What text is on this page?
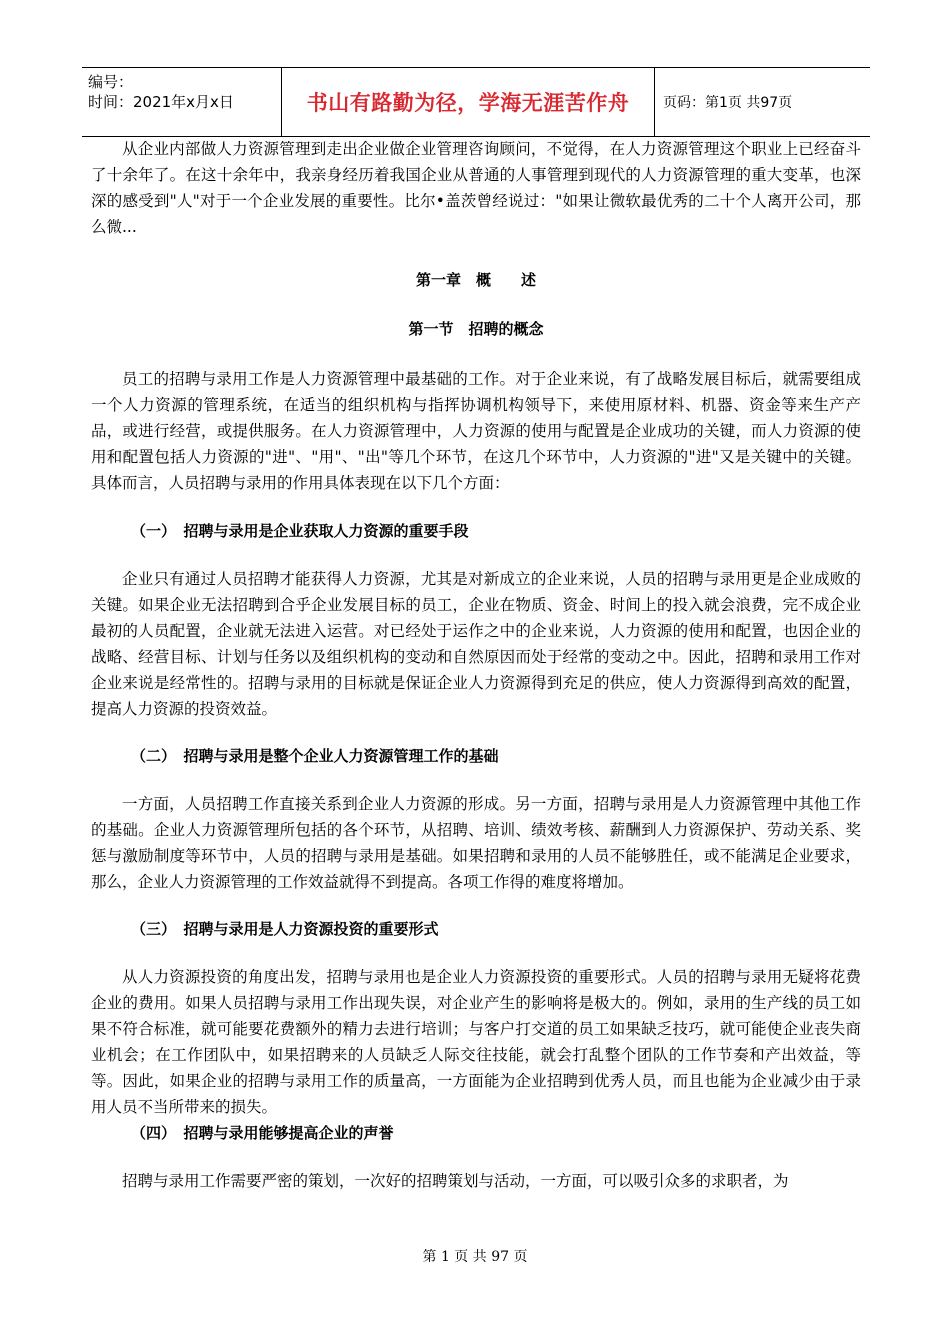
编号：
时间：2021年x月x日	书山有路勤为径，学海无涯苦作舟	页码：第1页 共97页

从企业内部做人力资源管理到走出企业做企业管理咨询顾问，不觉得，在人力资源管理这个职业上已经奋斗了十余年了。在这十余年中，我亲身经历着我国企业从普通的人事管理到现代的人力资源管理的重大变革，也深深的感受到"人"对于一个企业发展的重要性。比尔•盖茨曾经说过："如果让微软最优秀的二十个人离开公司，那么微...

第一章　概　　述
第一节　招聘的概念

员工的招聘与录用工作是人力资源管理中最基础的工作。对于企业来说，有了战略发展目标后，就需要组成一个人力资源的管理系统，在适当的组织机构与指挥协调机构领导下，来使用原材料、机器、资金等来生产产品，或进行经营，或提供服务。在人力资源管理中，人力资源的使用与配置是企业成功的关键，而人力资源的使用和配置包括人力资源的"进"、"用"、"出"等几个环节，在这几个环节中，人力资源的"进"又是关键中的关键。具体而言，人员招聘与录用的作用具体表现在以下几个方面：

（一）　招聘与录用是企业获取人力资源的重要手段

企业只有通过人员招聘才能获得人力资源，尤其是对新成立的企业来说，人员的招聘与录用更是企业成败的关键。如果企业无法招聘到合乎企业发展目标的员工，企业在物质、资金、时间上的投入就会浪费，完不成企业最初的人员配置，企业就无法进入运营。对已经处于运作之中的企业来说，人力资源的使用和配置，也因企业的战略、经营目标、计划与任务以及组织机构的变动和自然原因而处于经常的变动之中。因此，招聘和录用工作对企业来说是经常性的。招聘与录用的目标就是保证企业人力资源得到充足的供应，使人力资源得到高效的配置，提高人力资源的投资效益。

（二）　招聘与录用是整个企业人力资源管理工作的基础

一方面，人员招聘工作直接关系到企业人力资源的形成。另一方面，招聘与录用是人力资源管理中其他工作的基础。企业人力资源管理所包括的各个环节，从招聘、培训、绩效考核、薪酬到人力资源保护、劳动关系、奖惩与激励制度等环节中，人员的招聘与录用是基础。如果招聘和录用的人员不能够胜任，或不能满足企业要求，那么，企业人力资源管理的工作效益就得不到提高。各项工作得的难度将增加。

（三）　招聘与录用是人力资源投资的重要形式

从人力资源投资的角度出发，招聘与录用也是企业人力资源投资的重要形式。人员的招聘与录用无疑将花费企业的费用。如果人员招聘与录用工作出现失误，对企业产生的影响将是极大的。例如，录用的生产线的员工如果不符合标准，就可能要花费额外的精力去进行培训；与客户打交道的员工如果缺乏技巧，就可能使企业丧失商业机会；在工作团队中，如果招聘来的人员缺乏人际交往技能，就会打乱整个团队的工作节奏和产出效益，等等。因此，如果企业的招聘与录用工作的质量高，一方面能为企业招聘到优秀人员，而且也能为企业减少由于录用人员不当所带来的损失。

（四）　招聘与录用能够提高企业的声誉

招聘与录用工作需要严密的策划，一次好的招聘策划与活动，一方面，可以吸引众多的求职者，为

第 1 页 共 97 页
